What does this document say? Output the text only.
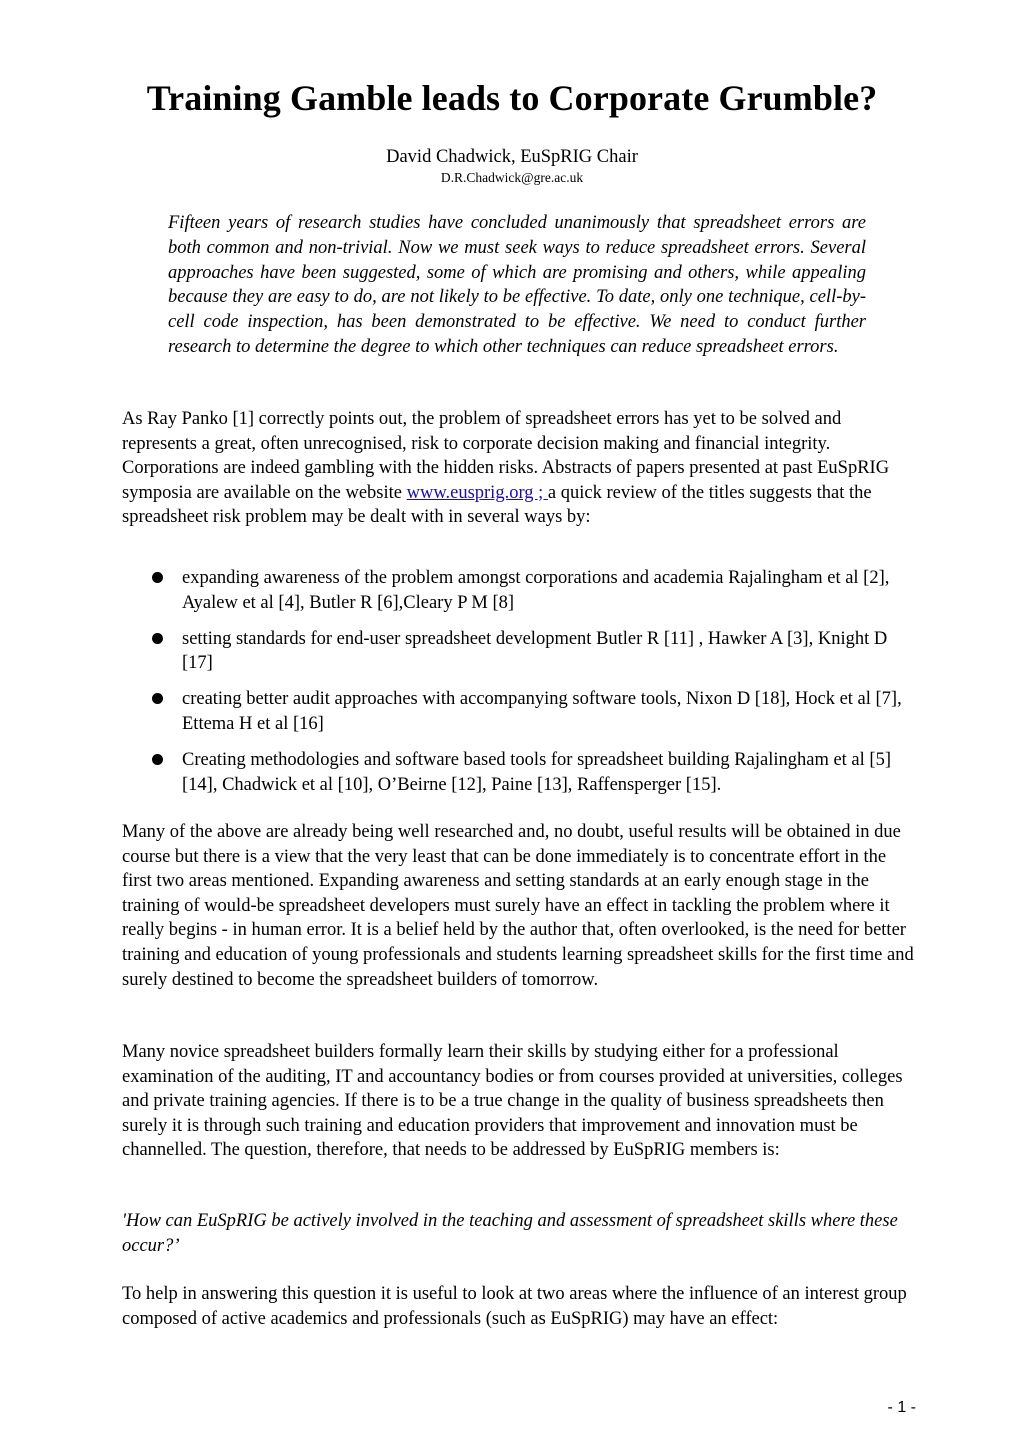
Training Gamble leads to Corporate Grumble?
David Chadwick, EuSpRIG Chair
D.R.Chadwick@gre.ac.uk
Fifteen years of research studies have concluded unanimously that spreadsheet errors are both common and non-trivial. Now we must seek ways to reduce spreadsheet errors. Several approaches have been suggested, some of which are promising and others, while appealing because they are easy to do, are not likely to be effective. To date, only one technique, cell-by-cell code inspection, has been demonstrated to be effective. We need to conduct further research to determine the degree to which other techniques can reduce spreadsheet errors.
As Ray Panko [1] correctly points out, the problem of spreadsheet errors has yet to be solved and represents a great, often unrecognised, risk to corporate decision making and financial integrity. Corporations are indeed gambling with the hidden risks. Abstracts of papers presented at past EuSpRIG symposia are available on the website www.eusprig.org ; a quick review of the titles suggests that the spreadsheet risk problem may be dealt with in several ways by:
expanding awareness of the problem amongst corporations and academia Rajalingham et al [2], Ayalew et al [4], Butler R [6],Cleary P M [8]
setting standards for end-user spreadsheet development Butler R [11] , Hawker A [3], Knight D [17]
creating better audit approaches with accompanying software tools, Nixon D [18], Hock et al [7], Ettema H et al [16]
Creating methodologies and software based tools for spreadsheet building Rajalingham et al [5] [14], Chadwick et al [10], O’Beirne [12], Paine [13], Raffensperger [15].
Many of the above are already being well researched and, no doubt, useful results will be obtained in due course but there is a view that the very least that can be done immediately is to concentrate effort in the first two areas mentioned. Expanding awareness and setting standards at an early enough stage in the training of would-be spreadsheet developers must surely have an effect in tackling the problem where it really begins - in human error. It is a belief held by the author that, often overlooked, is the need for better training and education of young professionals and students learning spreadsheet skills for the first time and surely destined to become the spreadsheet builders of tomorrow.
Many novice spreadsheet builders formally learn their skills by studying either for a professional examination of the auditing, IT and accountancy bodies or from courses provided at universities, colleges and private training agencies. If there is to be a true change in the quality of business spreadsheets then surely it is through such training and education providers that improvement and innovation must be channelled. The question, therefore, that needs to be addressed by EuSpRIG members is:
'How can EuSpRIG be actively involved in the teaching and assessment of spreadsheet skills where these occur?’
To help in answering this question it is useful to look at two areas where the influence of an interest group composed of active academics and professionals (such as EuSpRIG) may have an effect:
- 1 -
